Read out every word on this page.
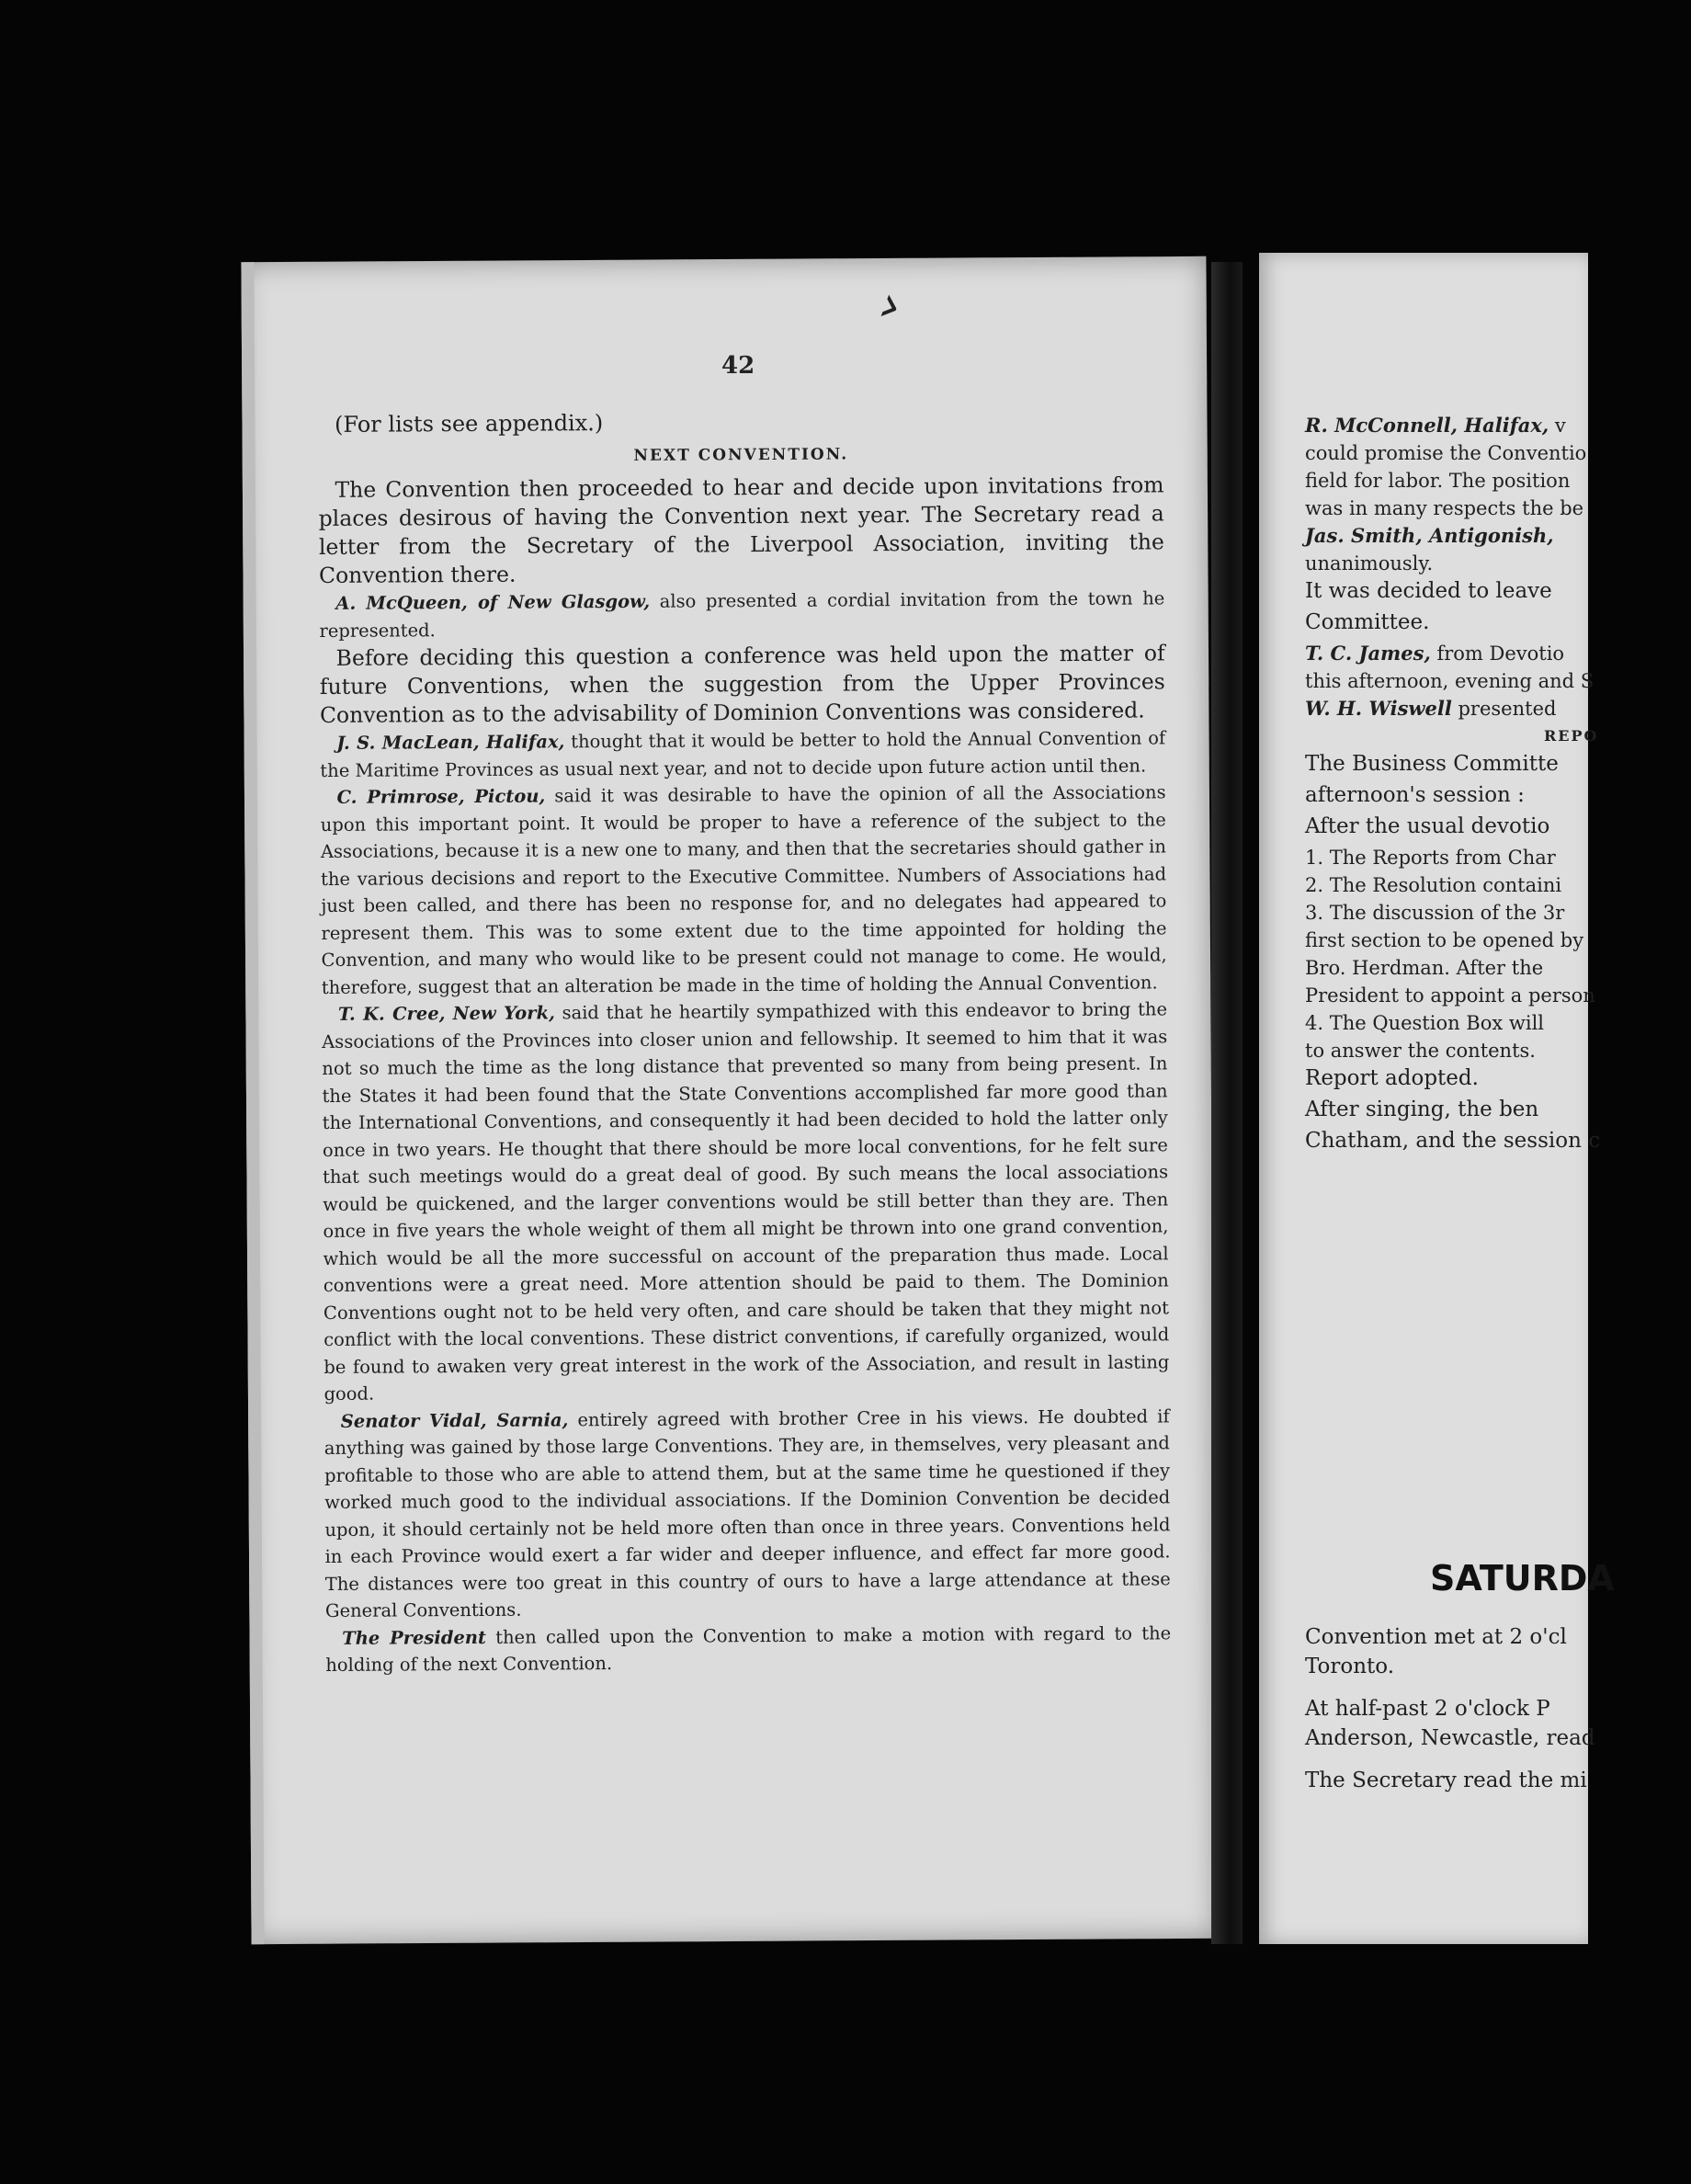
›
42
(For lists see appendix.)
NEXT CONVENTION.

The Convention then proceeded to hear and decide upon invitations from places desirous of having the Convention next year. The Secretary read a letter from the Secretary of the Liverpool Association, inviting the Convention there.

A. McQueen, of New Glasgow, also presented a cordial invitation from the town he represented.

Before deciding this question a conference was held upon the matter of future Conventions, when the suggestion from the Upper Provinces Convention as to the advisability of Dominion Conventions was considered.

J. S. MacLean, Halifax, thought that it would be better to hold the Annual Convention of the Maritime Provinces as usual next year, and not to decide upon future action until then.

C. Primrose, Pictou, said it was desirable to have the opinion of all the Associations upon this important point. It would be proper to have a reference of the subject to the Associations, because it is a new one to many, and then that the secretaries should gather in the various decisions and report to the Executive Committee. Numbers of Associations had just been called, and there has been no response for, and no delegates had appeared to represent them. This was to some extent due to the time appointed for holding the Convention, and many who would like to be present could not manage to come. He would, therefore, suggest that an alteration be made in the time of holding the Annual Convention.

T. K. Cree, New York, said that he heartily sympathized with this endeavor to bring the Associations of the Provinces into closer union and fellowship. It seemed to him that it was not so much the time as the long distance that prevented so many from being present. In the States it had been found that the State Conventions accomplished far more good than the International Conventions, and consequently it had been decided to hold the latter only once in two years. He thought that there should be more local conventions, for he felt sure that such meetings would do a great deal of good. By such means the local associations would be quickened, and the larger conventions would be still better than they are. Then once in five years the whole weight of them all might be thrown into one grand convention, which would be all the more successful on account of the preparation thus made. Local conventions were a great need. More attention should be paid to them. The Dominion Conventions ought not to be held very often, and care should be taken that they might not conflict with the local conventions. These district conventions, if carefully organized, would be found to awaken very great interest in the work of the Association, and result in lasting good.

Senator Vidal, Sarnia, entirely agreed with brother Cree in his views. He doubted if anything was gained by those large Conventions. They are, in themselves, very pleasant and profitable to those who are able to attend them, but at the same time he questioned if they worked much good to the individual associations. If the Dominion Convention be decided upon, it should certainly not be held more often than once in three years. Conventions held in each Province would exert a far wider and deeper influence, and effect far more good. The distances were too great in this country of ours to have a large attendance at these General Conventions.

The President then called upon the Convention to make a motion with regard to the holding of the next Convention.

R. McConnell, Halifax, v
could promise the Conventio
field for labor. The position
was in many respects the be
Jas. Smith, Antigonish,
unanimously.
It was decided to leave
Committee.
T. C. James, from Devotio
this afternoon, evening and S
W. H. Wiswell presented
REPO
The Business Committe
afternoon's session :
After the usual devotio
1. The Reports from Char
2. The Resolution containi
3. The discussion of the 3r
first section to be opened by
Bro. Herdman. After the
President to appoint a person
4. The Question Box will
to answer the contents.
Report adopted.
After singing, the ben
Chatham, and the session c
SATURDA
Convention met at 2 o'cl
Toronto.
At half-past 2 o'clock P
Anderson, Newcastle, read
The Secretary read the mi
